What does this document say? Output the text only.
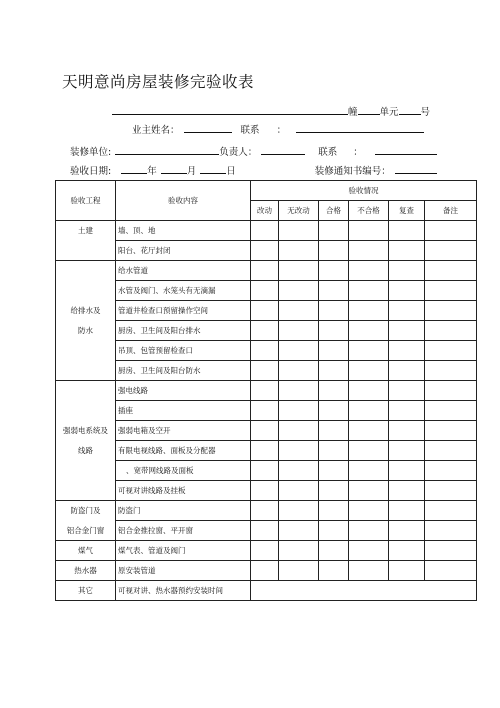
天明意尚房屋装修完验收表
幢 单元 号
业主姓名：	联系 ：
装修单位:	负责人：	联系 ：
验收日期:	年	月	日	装修通知书编号：
验收工程	验收内容	验收情况					
		改动	无改动	合格	不合格	复查	备注
土建	墙、顶、地						
	阳台、花厅封闭						
	给水管道						
	水管及阀门、水笼头有无滴漏						
给排水及	管道井检查口预留操作空间						
防水	厨房、卫生间及阳台排水						
	吊顶、包管预留检查口						
	厨房、卫生间及阳台防水						
	强电线路						
	插座						
强弱电系统及	强弱电箱及空开						
线路	有限电视线路、面板及分配器						
	、宽带网线路及面板						
	可视对讲线路及挂板						
防盗门及	防盗门						
铝合金门窗	铝合金推拉窗、平开窗						
煤气	煤气表、管道及阀门						
热水器	原安装管道						
其它	可视对讲、热水器预约安装时间						
